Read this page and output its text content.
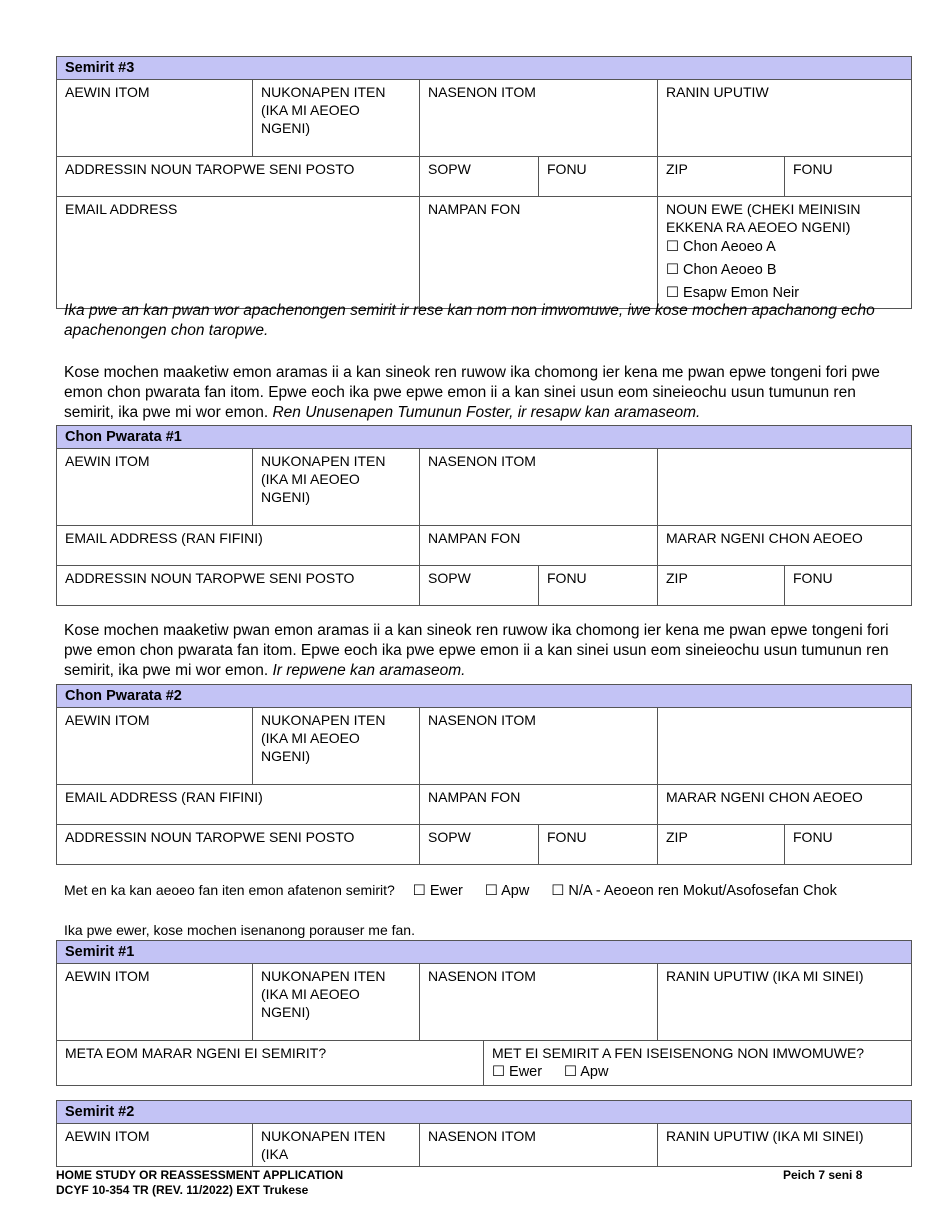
Semirit #3					
AEWIN ITOM	NUKONAPEN ITEN (IKA MI AEOEO NGENI)	NASENON ITOM		RANIN UPUTIW	
ADDRESSIN NOUN TAROPWE SENI POSTO		SOPW	FONU	ZIP	FONU
EMAIL ADDRESS		NAMPAN FON		NOUN EWE (CHEKI MEINISIN EKKENA RA AEOEO NGENI)
☐ Chon Aeoeo A
☐ Chon Aeoeo B
☐ Esapw Emon Neir	
Ika pwe an kan pwan wor apachenongen semirit ir rese kan nom non imwomuwe, iwe kose mochen apachanong echo apachenongen chon taropwe.
Kose mochen maaketiw emon aramas ii a kan sineok ren ruwow ika chomong ier kena me pwan epwe tongeni fori pwe emon chon pwarata fan itom. Epwe eoch ika pwe epwe emon ii a kan sinei usun eom sineieochu usun tumunun ren semirit, ika pwe mi wor emon. Ren Unusenapen Tumunun Foster, ir resapw kan aramaseom.
Chon Pwarata #1					
AEWIN ITOM	NUKONAPEN ITEN (IKA MI AEOEO NGENI)	NASENON ITOM			
EMAIL ADDRESS (RAN FIFINI)		NAMPAN FON		MARAR NGENI CHON AEOEO	
ADDRESSIN NOUN TAROPWE SENI POSTO		SOPW	FONU	ZIP	FONU
Kose mochen maaketiw pwan emon aramas ii a kan sineok ren ruwow ika chomong ier kena me pwan epwe tongeni fori pwe emon chon pwarata fan itom. Epwe eoch ika pwe epwe emon ii a kan sinei usun eom sineieochu usun tumunun ren semirit, ika pwe mi wor emon. Ir repwene kan aramaseom.
Chon Pwarata #2					
AEWIN ITOM	NUKONAPEN ITEN (IKA MI AEOEO NGENI)	NASENON ITOM			
EMAIL ADDRESS (RAN FIFINI)		NAMPAN FON		MARAR NGENI CHON AEOEO	
ADDRESSIN NOUN TAROPWE SENI POSTO		SOPW	FONU	ZIP	FONU
Met en ka kan aeoeo fan iten emon afatenon semirit? ☐ Ewer ☐ Apw ☐ N/A - Aeoeon ren Mokut/Asofosefan Chok
Ika pwe ewer, kose mochen isenanong porauser me fan.
Semirit #1				
AEWIN ITOM	NUKONAPEN ITEN (IKA MI AEOEO NGENI)	NASENON ITOM		RANIN UPUTIW (IKA MI SINEI)
META EOM MARAR NGENI EI SEMIRIT?			MET EI SEMIRIT A FEN ISEISENONG NON IMWOMUWE?
☐ Ewer ☐ Apw	
Semirit #2
AEWIN ITOM	NUKONAPEN ITEN (IKA	NASENON ITOM	RANIN UPUTIW (IKA MI SINEI)
HOME STUDY OR REASSESSMENT APPLICATION
DCYF 10-354 TR (REV. 11/2022) EXT Trukese
Peich 7 seni 8
